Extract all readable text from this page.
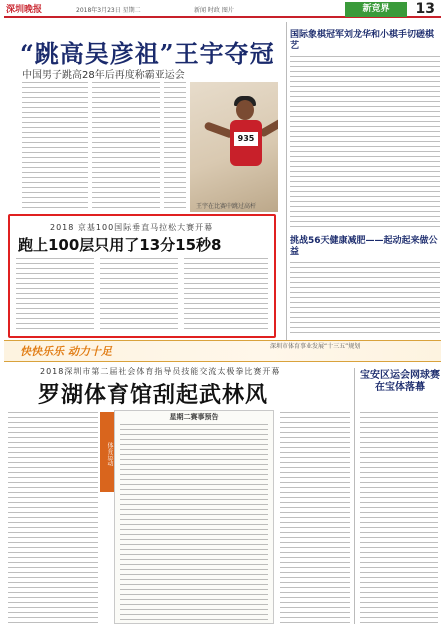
深圳晚报	2018年3月23日 星期二	新闻 时政 图片	新竞界	13
“跳高吴彦祖”王宇夺冠
中国男子跳高28年后再度称霸亚运会
935
王宇在比赛中跳过高杆
2018 京基100国际垂直马拉松大赛开幕
跑上100层只用了13分15秒8
国际象棋冠军刘龙华和小棋手切磋棋艺
挑战56天健康减肥——起动起来做公益
快快乐乐 动力十足	深圳市体育事业发展“十三五”规划
2018深圳市第二届社会体育指导员技能交流太极拳比赛开幕
罗湖体育馆刮起武林风
体育运动
星期二赛事预告
宝安区运会网球赛在宝体落幕
